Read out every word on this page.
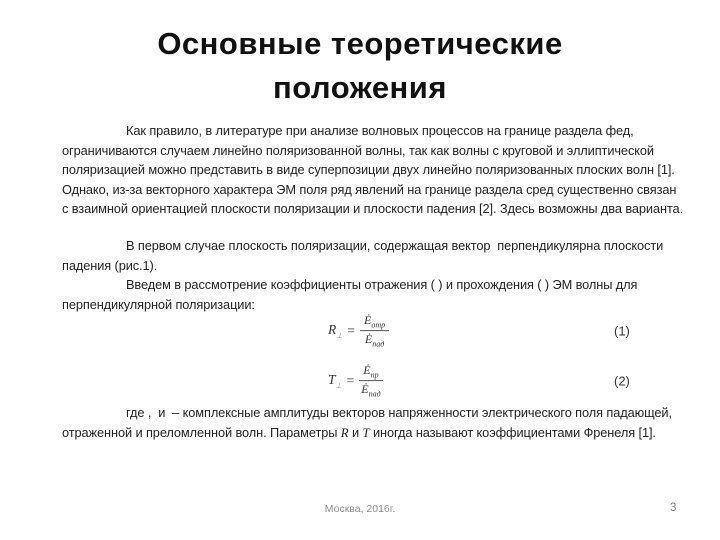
Основные теоретические
положения

Как правило, в литературе при анализе волновых процессов на границе раздела фед, ограничиваются случаем линейно поляризованной волны, так как волны с круговой и эллиптической поляризацией можно представить в виде суперпозиции двух линейно поляризованных плоских волн [1]. Однако, из-за векторного характера ЭМ поля ряд явлений на границе раздела сред существенно связан с взаимной ориентацией плоскости поляризации и плоскости падения [2]. Здесь возможны два варианта.

В первом случае плоскость поляризации, содержащая вектор  перпендикулярна плоскости падения (рис.1).

Введем в рассмотрение коэффициенты отражения ( ) и прохождения ( ) ЭМ волны для перпендикулярной поляризации:

$R_\perp = \frac{Ė_{отр}}{Ė_{пад}}$	(1)
$T_\perp = \frac{Ė_{пр}}{Ė_{пад}}$	(2)

где ,  и  – комплексные амплитуды векторов напряженности электрического поля падающей, отраженной и преломленной волн. Параметры R и T иногда называют коэффициентами Френеля [1].

Москва, 2016г.	3
